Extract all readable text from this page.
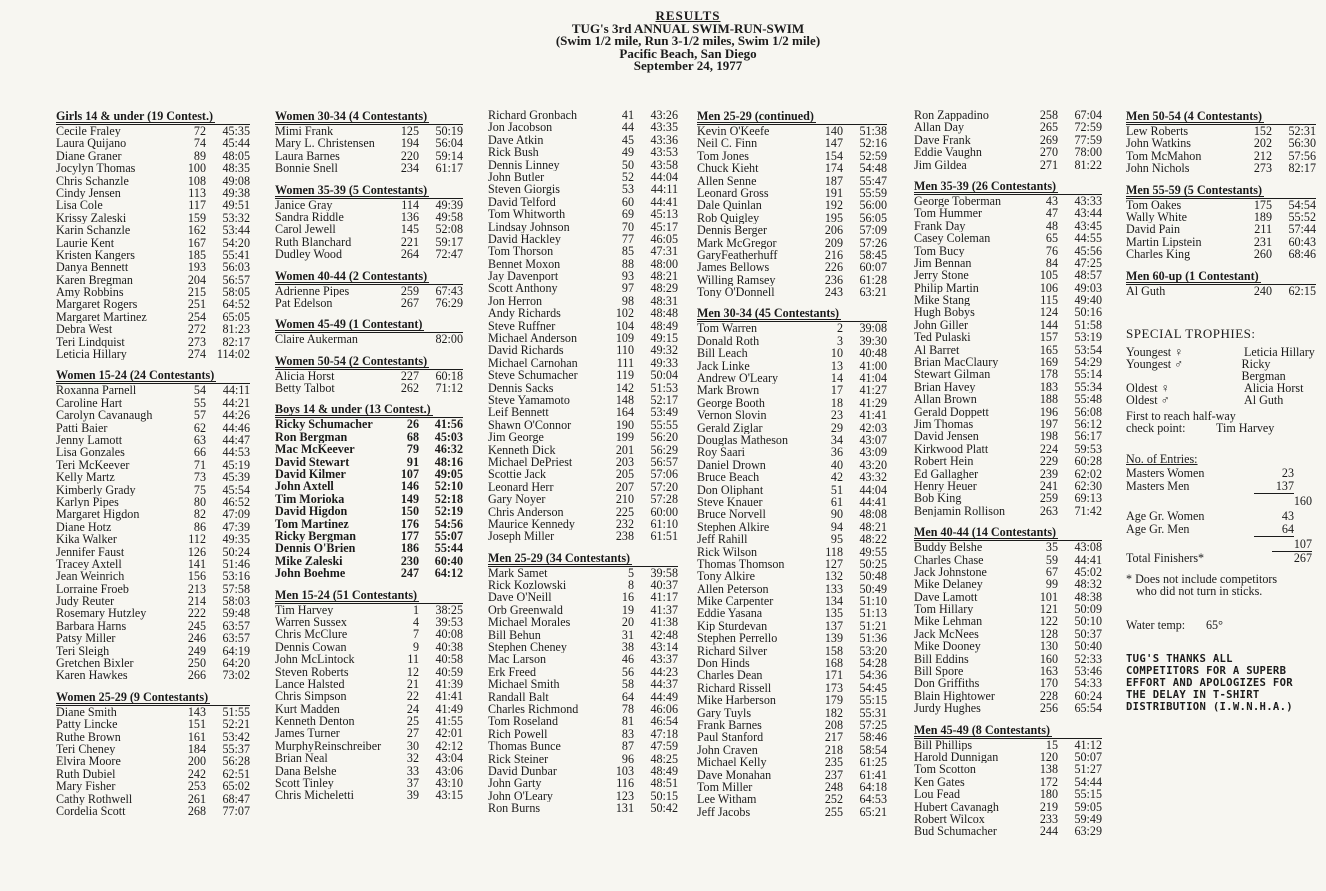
RESULTS
TUG's 3rd ANNUAL SWIM-RUN-SWIM
(Swim 1/2 mile, Run 3-1/2 miles, Swim 1/2 mile)
Pacific Beach, San Diego
September 24, 1977
Girls 14 & under (19 Contest.)
Cecile Fraley	72	45:35
Laura Quijano	74	45:44
Diane Graner	89	48:05
Jocylyn Thomas	100	48:35
Chris Schanzle	108	49:08
Cindy Jensen	113	49:38
Lisa Cole	117	49:51
Krissy Zaleski	159	53:32
Karin Schanzle	162	53:44
Laurie Kent	167	54:20
Kristen Kangers	185	55:41
Danya Bennett	193	56:03
Karen Bregman	204	56:57
Amy Robbins	215	58:05
Margaret Rogers	251	64:52
Margaret Martinez	254	65:05
Debra West	272	81:23
Teri Lindquist	273	82:17
Leticia Hillary	274 114:02
Women 15-24 (24 Contestants)
Roxanna Parnell	54	44:11
Caroline Hart	55	44:21
Carolyn Cavanaugh	57	44:26
Patti Baier	62	44:46
Jenny Lamott	63	44:47
Lisa Gonzales	66	44:53
Teri McKeever	71	45:19
Kelly Martz	73	45:39
Kimberly Grady	75	45:54
Karlyn Pipes	80	46:52
Margaret Higdon	82	47:09
Diane Hotz	86	47:39
Kika Walker	112	49:35
Jennifer Faust	126	50:24
Tracey Axtell	141	51:46
Jean Weinrich	156	53:16
Lorraine Froeb	213	57:58
Judy Reuter	214	58:03
Rosemary Hutzley	222	59:48
Barbara Harns	245	63:57
Patsy Miller	246	63:57
Teri Sleigh	249	64:19
Gretchen Bixler	250	64:20
Karen Hawkes	266	73:02
Women 25-29 (9 Contestants)
Diane Smith	143	51:55
Patty Lincke	151	52:21
Ruthe Brown	161	53:42
Teri Cheney	184	55:37
Elvira Moore	200	56:28
Ruth Dubiel	242	62:51
Mary Fisher	253	65:02
Cathy Rothwell	261	68:47
Cordelia Scott	268	77:07
Women 30-34 (4 Contestants)
Mimi Frank	125	50:19
Mary L. Christensen	194	56:04
Laura Barnes	220	59:14
Bonnie Snell	234	61:17
Women 35-39 (5 Contestants)
Janice Gray	114	49:39
Sandra Riddle	136	49:58
Carol Jewell	145	52:08
Ruth Blanchard	221	59:17
Dudley Wood	264	72:47
Women 40-44 (2 Contestants)
Adrienne Pipes	259	67:43
Pat Edelson	267	76:29
Women 45-49 (1 Contestant)
Claire Aukerman	82:00
Women 50-54 (2 Contestants)
Alicia Horst	227	60:18
Betty Talbot	262	71:12
Boys 14 & under (13 Contest.)
Ricky Schumacher	26	41:56
Ron Bergman	68	45:03
Mac McKeever	79	46:32
David Stewart	91	48:16
David Kilmer	107	49:05
John Axtell	146	52:10
Tim Morioka	149	52:18
David Higdon	150	52:19
Tom Martinez	176	54:56
Ricky Bergman	177	55:07
Dennis O'Brien	186	55:44
Mike Zaleski	230	60:40
John Boehme	247	64:12
Men 15-24 (51 Contestants)
Tim Harvey	1	38:25
Warren Sussex	4	39:53
Chris McClure	7	40:08
Dennis Cowan	9	40:38
John McLintock	11	40:58
Steven Roberts	12	40:59
Lance Halsted	21	41:39
Chris Simpson	22	41:41
Kurt Madden	24	41:49
Kenneth Denton	25	41:55
James Turner	27	42:01
MurphyReinschreiber	30	42:12
Brian Neal	32	43:04
Dana Belshe	33	43:06
Scott Tinley	37	43:10
Chris Micheletti	39	43:15
Richard Gronbach	41	43:26
Jon Jacobson	44	43:35
Dave Atkin	45	43:36
Rick Bush	49	43:53
Dennis Linney	50	43:58
John Butler	52	44:04
Steven Giorgis	53	44:11
David Telford	60	44:41
Tom Whitworth	69	45:13
Lindsay Johnson	70	45:17
David Hackley	77	46:05
Tom Thorson	85	47:31
Bennet Moxon	88	48:00
Jay Davenport	93	48:21
Scott Anthony	97	48:29
Jon Herron	98	48:31
Andy Richards	102	48:48
Steve Ruffner	104	48:49
Michael Anderson	109	49:15
David Richards	110	49:32
Michael Carnohan	111	49:33
Steve Schumacher	119	50:04
Dennis Sacks	142	51:53
Steve Yamamoto	148	52:17
Leif Bennett	164	53:49
Shawn O'Connor	190	55:55
Jim George	199	56:20
Kenneth Dick	201	56:29
Michael DePriest	203	56:57
Scottie Jack	205	57:06
Leonard Herr	207	57:20
Gary Noyer	210	57:28
Chris Anderson	225	60:00
Maurice Kennedy	232	61:10
Joseph Miller	238	61:51
Men 25-29 (34 Contestants)
Mark Samet	5	39:58
Rick Kozlowski	8	40:37
Dave O'Neill	16	41:17
Orb Greenwald	19	41:37
Michael Morales	20	41:38
Bill Behun	31	42:48
Stephen Cheney	38	43:14
Mac Larson	46	43:37
Erk Freed	56	44:23
Michael Smith	58	44:37
Randall Balt	64	44:49
Charles Richmond	78	46:06
Tom Roseland	81	46:54
Rich Powell	83	47:18
Thomas Bunce	87	47:59
Rick Steiner	96	48:25
David Dunbar	103	48:49
John Garty	116	48:51
John O'Leary	123	50:15
Ron Burns	131	50:42
Men 25-29 (continued)
Kevin O'Keefe	140	51:38
Neil C. Finn	147	52:16
Tom Jones	154	52:59
Chuck Kieht	174	54:48
Allen Senne	187	55:47
Leonard Gross	191	55:59
Dale Quinlan	192	56:00
Rob Quigley	195	56:05
Dennis Berger	206	57:09
Mark McGregor	209	57:26
GaryFeatherhuff	216	58:45
James Bellows	226	60:07
Willing Ramsey	236	61:28
Tony O'Donnell	243	63:21
Men 30-34 (45 Contestants)
Tom Warren	2	39:08
Donald Roth	3	39:30
Bill Leach	10	40:48
Jack Linke	13	41:00
Andrew O'Leary	14	41:04
Mark Brown	17	41:27
George Booth	18	41:29
Vernon Slovin	23	41:41
Gerald Ziglar	29	42:03
Douglas Matheson	34	43:07
Roy Saari	36	43:09
Daniel Drown	40	43:20
Bruce Beach	42	43:32
Don Oliphant	51	44:04
Steve Knauer	61	44:41
Bruce Norvell	90	48:08
Stephen Alkire	94	48:21
Jeff Rahill	95	48:22
Rick Wilson	118	49:55
Thomas Thomson	127	50:25
Tony Alkire	132	50:48
Allen Peterson	133	50:49
Mike Carpenter	134	51:10
Eddie Yasana	135	51:13
Kip Sturdevan	137	51:21
Stephen Perrello	139	51:36
Richard Silver	158	53:20
Don Hinds	168	54:28
Charles Dean	171	54:36
Richard Rissell	173	54:45
Mike Harberson	179	55:15
Gary Tuyls	182	55:31
Frank Barnes	208	57:25
Paul Stanford	217	58:46
John Craven	218	58:54
Michael Kelly	235	61:25
Dave Monahan	237	61:41
Tom Miller	248	64:18
Lee Witham	252	64:53
Jeff Jacobs	255	65:21
Ron Zappadino	258	67:04
Allan Day	265	72:59
Dave Frank	269	77:59
Eddie Vaughn	270	78:00
Jim Gildea	271	81:22
Men 35-39 (26 Contestants)
George Toberman	43	43:33
Tom Hummer	47	43:44
Frank Day	48	43:45
Casey Coleman	65	44:55
Tom Bucy	76	45:56
Jim Bennan	84	47:25
Jerry Stone	105	48:57
Philip Martin	106	49:03
Mike Stang	115	49:40
Hugh Bobys	124	50:16
John Giller	144	51:58
Ted Pulaski	157	53:19
Al Barret	165	53:54
Brian MacClaury	169	54:29
Stewart Gilman	178	55:14
Brian Havey	183	55:34
Allan Brown	188	55:48
Gerald Doppett	196	56:08
Jim Thomas	197	56:12
David Jensen	198	56:17
Kirkwood Platt	224	59:53
Robert Hein	229	60:28
Ed Gallagher	239	62:02
Henry Heuer	241	62:30
Bob King	259	69:13
Benjamin Rollison	263	71:42
Men 40-44 (14 Contestants)
Buddy Belshe	35	43:08
Charles Chase	59	44:41
Jack Johnstone	67	45:02
Mike Delaney	99	48:32
Dave Lamott	101	48:38
Tom Hillary	121	50:09
Mike Lehman	122	50:10
Jack McNees	128	50:37
Mike Dooney	130	50:40
Bill Eddins	160	52:33
Bill Spore	163	53:46
Don Griffiths	170	54:33
Blain Hightower	228	60:24
Jurdy Hughes	256	65:54
Men 45-49 (8 Contestants)
Bill Phillips	15	41:12
Harold Dunnigan	120	50:07
Tom Scotton	138	51:27
Ken Gates	172	54:44
Lou Fead	180	55:15
Hubert Cavanagh	219	59:05
Robert Wilcox	233	59:49
Bud Schumacher	244	63:29
Men 50-54 (4 Contestants)
Lew Roberts	152	52:31
John Watkins	202	56:30
Tom McMahon	212	57:56
John Nichols	273	82:17
Men 55-59 (5 Contestants)
Tom Oakes	175	54:54
Wally White	189	55:52
David Pain	211	57:44
Martin Lipstein	231	60:43
Charles King	260	68:46
Men 60-up (1 Contestant)
Al Guth	240	62:15
SPECIAL TROPHIES:
Youngest ♀	Leticia Hillary
Youngest ♂	Ricky Bergman
Oldest ♀	Alicia Horst
Oldest ♂	Al Guth
First to reach half-way
check point:	Tim Harvey
No. of Entries:
Masters Women	23
Masters Men	137
160
Age Gr. Women	43
Age Gr. Men	64
107
Total Finishers*	267
* Does not include competitors
who did not turn in sticks.
Water temp:	65°
TUG'S THANKS ALL
COMPETITORS FOR A SUPERB
EFFORT AND APOLOGIZES FOR
THE DELAY IN T-SHIRT
DISTRIBUTION (I.W.N.H.A.)
